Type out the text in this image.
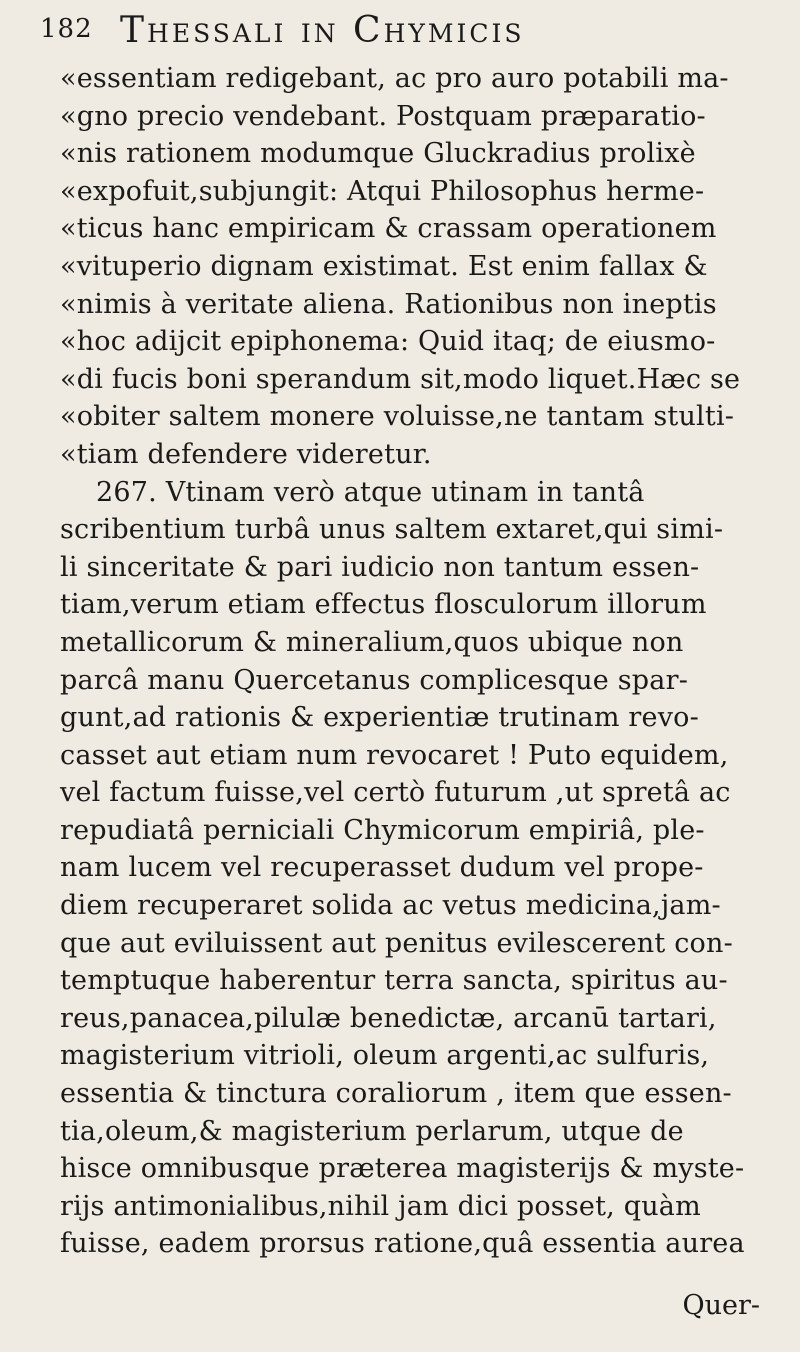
182 Thessali in Chymicis
«essentiam redigebant, ac pro auro potabili ma-
«gno precio vendebant. Postquam præparatio-
«nis rationem modumque Gluckradius prolixè
«expofuit,subjungit: Atqui Philosophus herme-
«ticus hanc empiricam & crassam operationem
«vituperio dignam existimat. Est enim fallax &
«nimis à veritate aliena. Rationibus non ineptis
«hoc adijcit epiphonema: Quid itaq; de eiusmo-
«di fucis boni sperandum sit,modo liquet.Hæc se
«obiter saltem monere voluisse,ne tantam stulti-
«tiam defendere videretur.
267. Vtinam verò atque utinam in tantâ
scribentium turbâ unus saltem extaret,qui simi-
li sinceritate & pari iudicio non tantum essen-
tiam,verum etiam effectus flosculorum illorum
metallicorum & mineralium,quos ubique non
parcâ manu Quercetanus complicesque spar-
gunt,ad rationis & experientiæ trutinam revo-
casset aut etiam num revocaret ! Puto equidem,
vel factum fuisse,vel certò futurum ,ut spretâ ac
repudiatâ perniciali Chymicorum empiriâ, ple-
nam lucem vel recuperasset dudum vel prope-
diem recuperaret solida ac vetus medicina,jam-
que aut eviluissent aut penitus evilescerent con-
temptuque haberentur terra sancta, spiritus au-
reus,panacea,pilulæ benedictæ, arcanū tartari,
magisterium vitrioli, oleum argenti,ac sulfuris,
essentia & tinctura coraliorum , item que essen-
tia,oleum,& magisterium perlarum, utque de
hisce omnibusque præterea magisterijs & myste-
rijs antimonialibus,nihil jam dici posset, quàm
fuisse, eadem prorsus ratione,quâ essentia aurea
Quer-
